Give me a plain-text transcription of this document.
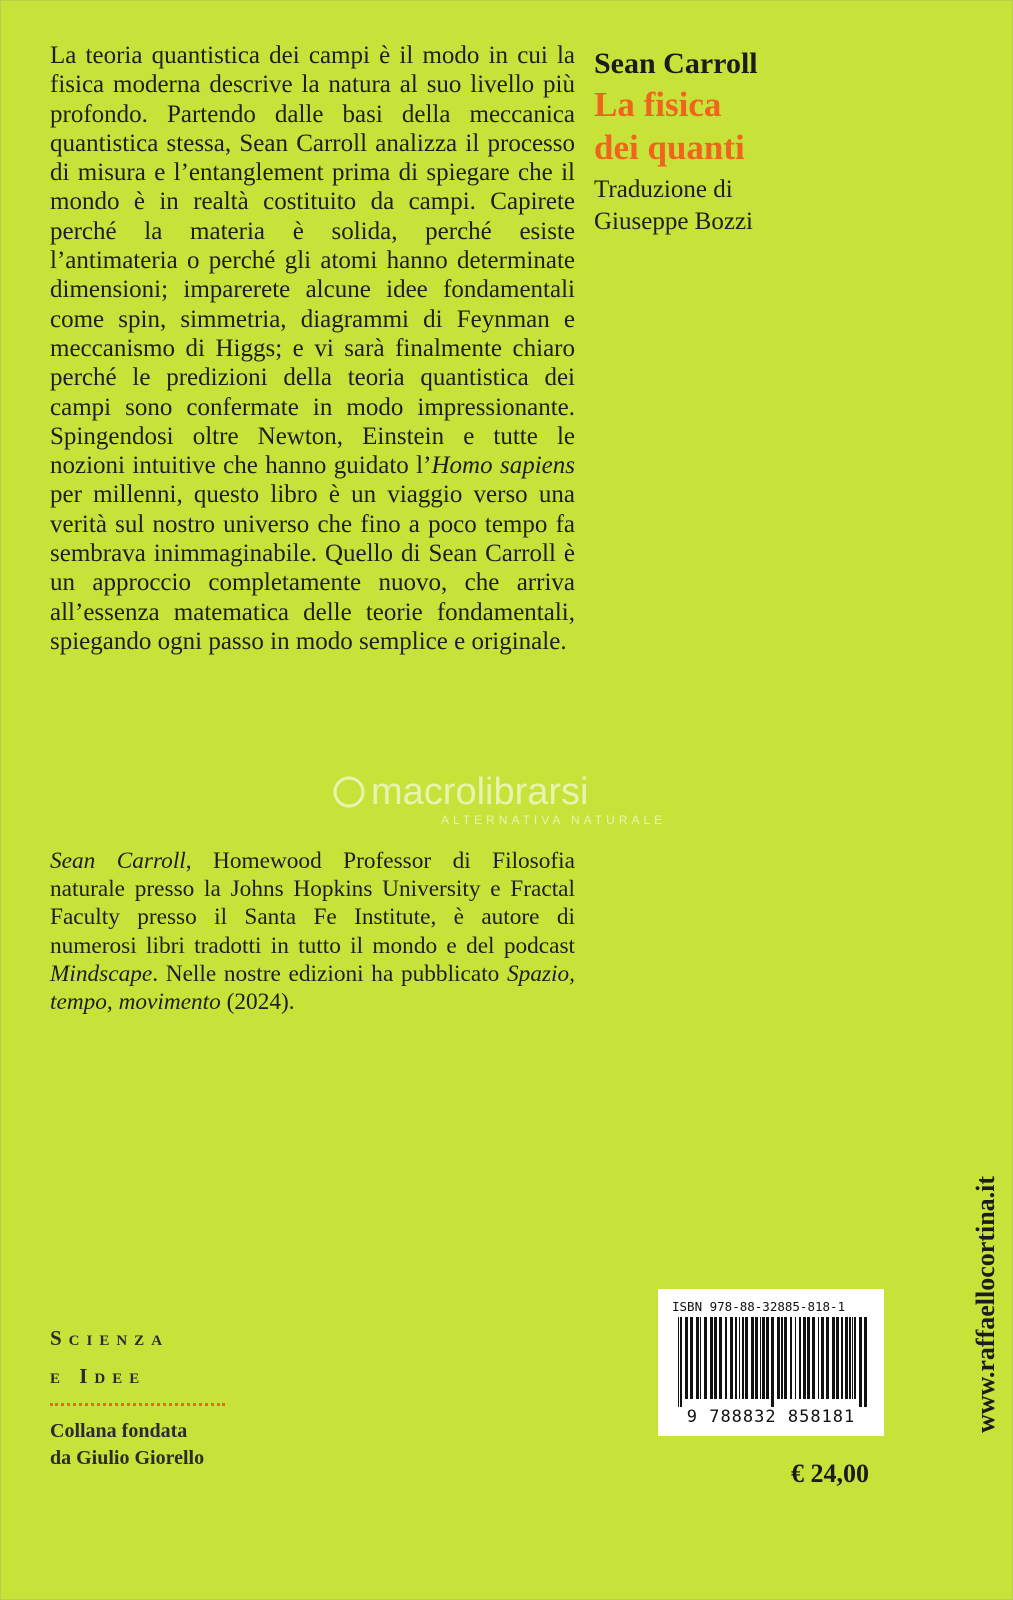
La teoria quantistica dei campi è il modo in cui la fisica moderna descrive la natura al suo livello più profondo. Partendo dalle basi della meccanica quantistica stessa, Sean Carroll analizza il processo di misura e l’entanglement prima di spiegare che il mondo è in realtà costituito da campi. Capirete perché la materia è solida, perché esiste l’antimateria o perché gli atomi hanno determinate dimensioni; imparerete alcune idee fondamentali come spin, simmetria, diagrammi di Feynman e meccanismo di Higgs; e vi sarà finalmente chiaro perché le predizioni della teoria quantistica dei campi sono confermate in modo impressionante. Spingendosi oltre Newton, Einstein e tutte le nozioni intuitive che hanno guidato l’Homo sapiens per millenni, questo libro è un viaggio verso una verità sul nostro universo che fino a poco tempo fa sembrava inimmaginabile. Quello di Sean Carroll è un approccio completamente nuovo, che arriva all’essenza matematica delle teorie fondamentali, spiegando ogni passo in modo semplice e originale.

Sean Carroll, Homewood Professor di Filosofia naturale presso la Johns Hopkins University e Fractal Faculty presso il Santa Fe Institute, è autore di numerosi libri tradotti in tutto il mondo e del podcast Mindscape. Nelle nostre edizioni ha pubblicato Spazio, tempo, movimento (2024).

Sean Carroll
La fisica
dei quanti
Traduzione di
Giuseppe Bozzi
macrolibrarsi
ALTERNATIVA NATURALE
Scienza
e Idee
Collana fondata
da Giulio Giorello
ISBN 978-88-32885-818-1
9 788832 858181
€ 24,00
www.raffaellocortina.it
